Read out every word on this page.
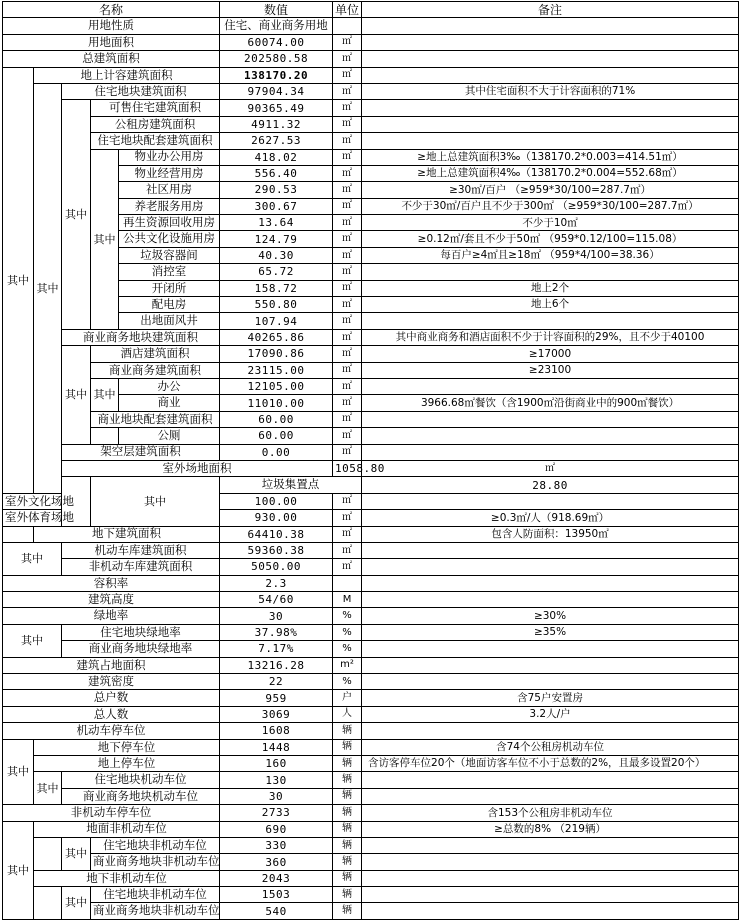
名称					数值	单位	备注	
用地性质					住宅、商业商务用地			
用地面积					60074.00	㎡		
总建筑面积					202580.58	㎡		
其中	地上计容建筑面积				138170.20	㎡		
	其中	住宅地块建筑面积			97904.34	㎡	其中住宅面积不大于计容面积的71%	
		其中	可售住宅建筑面积		90365.49	㎡		
			公租房建筑面积		4911.32	㎡		
			住宅地块配套建筑面积		2627.53	㎡		
			其中	物业办公用房	418.02	㎡	≥地上总建筑面积3‰（138170.2*0.003=414.51㎡）	
				物业经营用房	556.40	㎡	≥地上总建筑面积4‰（138170.2*0.004=552.68㎡）	
				社区用房	290.53	㎡	≥30㎡/百户 （≥959*30/100=287.7㎡）	
				养老服务用房	300.67	㎡	不少于30㎡/百户且不少于300㎡ （≥959*30/100=287.7㎡）	
				再生资源回收用房	13.64	㎡	不少于10㎡	
				公共文化设施用房	124.79	㎡	≥0.12㎡/套且不少于50㎡ （959*0.12/100=115.08）	
				垃圾容器间	40.30	㎡	每百户≥4㎡且≥18㎡ （959*4/100=38.36）	
				消控室	65.72	㎡		
				开闭所	158.72	㎡	地上2个	
				配电房	550.80	㎡	地上6个	
				出地面风井	107.94	㎡		
		商业商务地块建筑面积			40265.86	㎡	其中商业商务和酒店面积不少于计容面积的29%，且不少于40100	
		其中	酒店建筑面积		17090.86	㎡	≥17000	
			商业商务建筑面积		23115.00	㎡	≥23100	
			其中	办公	12105.00	㎡		
				商业	11010.00	㎡	3966.68㎡餐饮（含1900㎡沿街商业中的900㎡餐饮）	
			商业地块配套建筑面积		60.00	㎡		
				公厕	60.00	㎡		
		架空层建筑面积			0.00	㎡		
		室外场地面积				1058.80	㎡	
			其中		垃圾集置点		28.80		
室外文化场地					100.00	㎡		
室外体育场地					930.00	㎡	≥0.3㎡/人（918.69㎡）	
	地下建筑面积				64410.38	㎡	包含人防面积：13950㎡	
其中		机动车库建筑面积			59360.38	㎡		
		非机动车库建筑面积			5050.00	㎡		
容积率					2.3			
建筑高度					54/60	M		
绿地率					30	%	≥30%	
其中		住宅地块绿地率			37.98%	%	≥35%	
		商业商务地块绿地率			7.17%	%		
建筑占地面积					13216.28	m²		
建筑密度					22	%		
总户数					959	户	含75户安置房	
总人数					3069	人	3.2人/户	
机动车停车位					1608	辆		
其中	地下停车位				1448	辆	含74个公租房机动车位	
	地上停车位				160	辆	含访客停车位20个（地面访客车位不小于总数的2%，且最多设置20个）	
	其中	住宅地块机动车位			130	辆		
		商业商务地块机动车位			30	辆		
非机动车停车位					2733	辆	含153个公租房非机动车位	
其中	地面非机动车位				690	辆	≥总数的8% （219辆）	
		其中	住宅地块非机动车位		330	辆		
			商业商务地块非机动车位		360	辆		
	地下非机动车位				2043	辆		
		其中	住宅地块非机动车位		1503	辆		
			商业商务地块非机动车位		540	辆		
